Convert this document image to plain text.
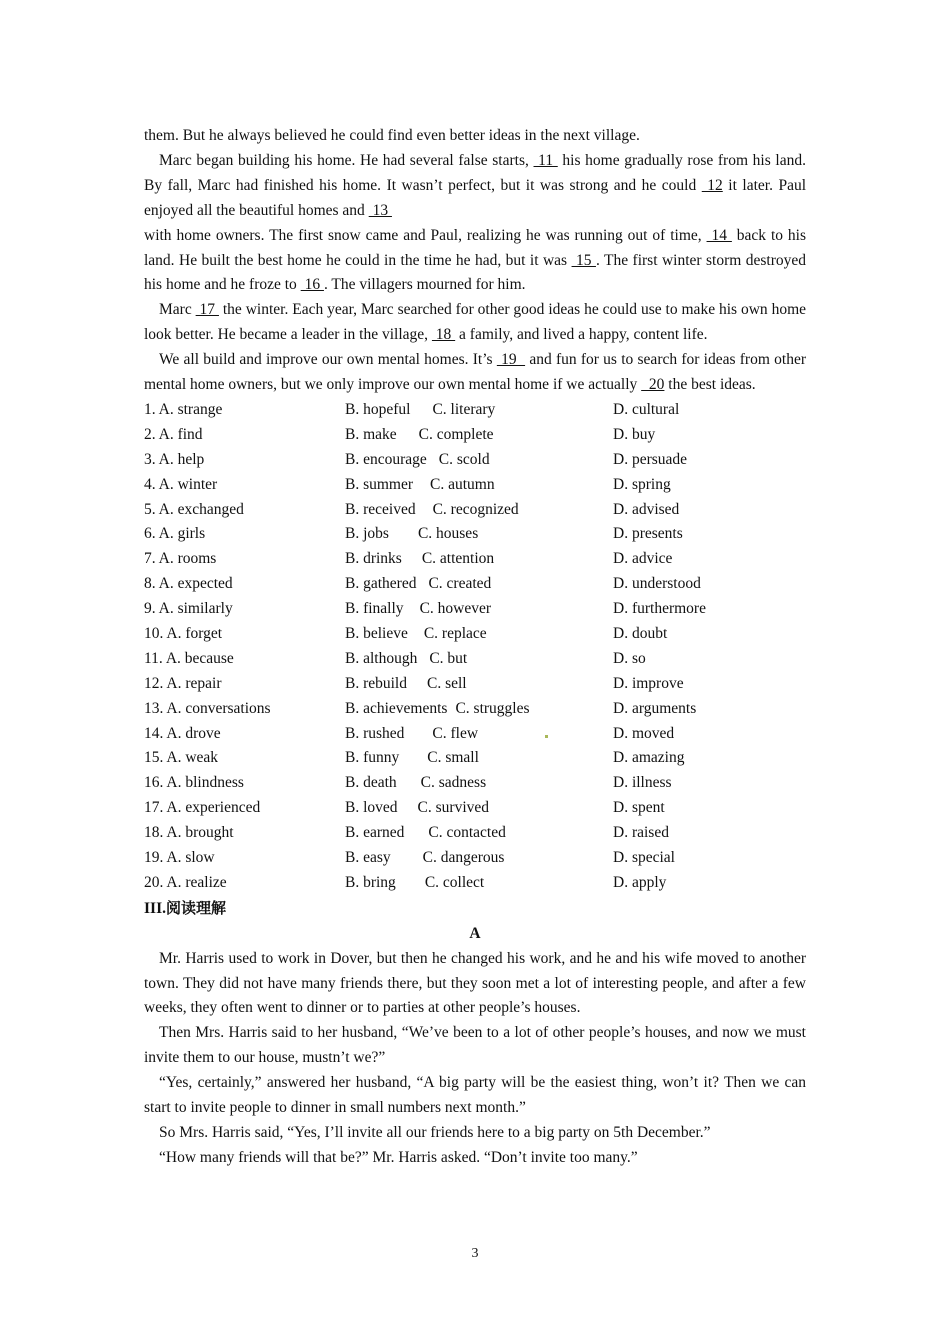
them. But he always believed he could find even better ideas in the next village.

Marc began building his home. He had several false starts,  11  his home gradually rose from his land. By fall, Marc had finished his home. It wasn’t perfect, but it was strong and he could  12 it later. Paul enjoyed all the beautiful homes and  13
with home owners. The first snow came and Paul, realizing he was running out of time,  14  back to his land. He built the best home he could in the time he had, but it was  15 . The first winter storm destroyed his home and he froze to  16 . The villagers mourned for him.

Marc  17  the winter. Each year, Marc searched for other good ideas he could use to make his own home look better. He became a leader in the village,  18  a family, and lived a happy, content life.

We all build and improve our own mental homes. It’s  19   and fun for us to search for ideas from other mental home owners, but we only improve our own mental home if we actually   20 the best ideas.

1. A. strange	B. hopeful C. literary	D. cultural
2. A. find	B. make C. complete	D. buy
3. A. help	B. encourage C. scold	D. persuade
4. A. winter	B. summer C. autumn	D. spring
5. A. exchanged	B. received C. recognized	D. advised
6. A. girls	B. jobs C. houses	D. presents
7. A. rooms	B. drinks C. attention	D. advice
8. A. expected	B. gathered C. created	D. understood
9. A. similarly	B. finally C. however	D. furthermore
10. A. forget	B. believe C. replace	D. doubt
11. A. because	B. although C. but	D. so
12. A. repair	B. rebuild C. sell	D. improve
13. A. conversations	B. achievements C. struggles	D. arguments
14. A. drove	B. rushed C. flew	D. moved
15. A. weak	B. funny C. small	D. amazing
16. A. blindness	B. death C. sadness	D. illness
17. A. experienced	B. loved C. survived	D. spent
18. A. brought	B. earned C. contacted	D. raised
19. A. slow	B. easy C. dangerous	D. special
20. A. realize	B. bring C. collect	D. apply

III.阅读理解

A

Mr. Harris used to work in Dover, but then he changed his work, and he and his wife moved to another town. They did not have many friends there, but they soon met a lot of interesting people, and after a few weeks, they often went to dinner or to parties at other people’s houses.

Then Mrs. Harris said to her husband, “We’ve been to a lot of other people’s houses, and now we must invite them to our house, mustn’t we?”

“Yes, certainly,” answered her husband, “A big party will be the easiest thing, won’t it? Then we can start to invite people to dinner in small numbers next month.”

So Mrs. Harris said, “Yes, I’ll invite all our friends here to a big party on 5th December.”

“How many friends will that be?” Mr. Harris asked. “Don’t invite too many.”

3
